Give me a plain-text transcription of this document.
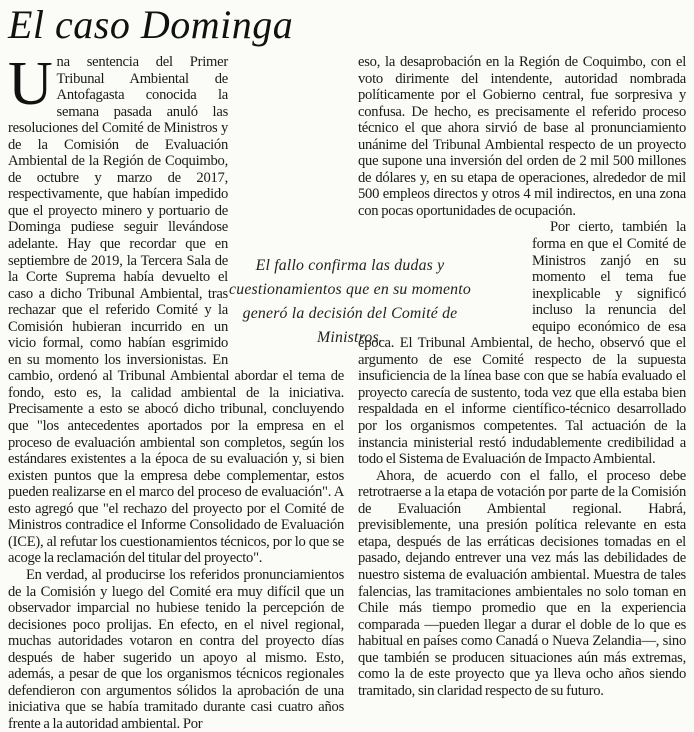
El caso Dominga

Una sentencia del Primer Tribunal Ambiental de Antofagasta conocida la semana pasada anuló las resoluciones del Comité de Ministros y de la Comisión de Evaluación Ambiental de la Región de Coquimbo, de octubre y marzo de 2017, respectivamente, que habían impedido que el proyecto minero y portuario de Dominga pudiese seguir llevándose adelante. Hay que recordar que en septiembre de 2019, la Tercera Sala de la Corte Suprema había devuelto el caso a dicho Tribunal Ambiental, tras rechazar que el referido Comité y la Comisión hubieran incurrido en un vicio formal, como habían esgrimido en su momento los inversionistas. En cambio, ordenó al Tribunal Ambiental abordar el tema de fondo, esto es, la calidad ambiental de la iniciativa. Precisamente a esto se abocó dicho tribunal, concluyendo que "los antecedentes aportados por la empresa en el proceso de evaluación ambiental son completos, según los estándares existentes a la época de su evaluación y, si bien existen puntos que la empresa debe complementar, estos pueden realizarse en el marco del proceso de evaluación". A esto agregó que "el rechazo del proyecto por el Comité de Ministros contradice el Informe Consolidado de Evaluación (ICE), al refutar los cuestionamientos técnicos, por lo que se acoge la reclamación del titular del proyecto".

En verdad, al producirse los referidos pronunciamientos de la Comisión y luego del Comité era muy difícil que un observador imparcial no hubiese tenido la percepción de decisiones poco prolijas. En efecto, en el nivel regional, muchas autoridades votaron en contra del proyecto días después de haber sugerido un apoyo al mismo. Esto, además, a pesar de que los organismos técnicos regionales defendieron con argumentos sólidos la aprobación de una iniciativa que se había tramitado durante casi cuatro años frente a la autoridad ambiental. Por

eso, la desaprobación en la Región de Coquimbo, con el voto dirimente del intendente, autoridad nombrada políticamente por el Gobierno central, fue sorpresiva y confusa. De hecho, es precisamente el referido proceso técnico el que ahora sirvió de base al pronunciamiento unánime del Tribunal Ambiental respecto de un proyecto que supone una inversión del orden de 2 mil 500 millones de dólares y, en su etapa de operaciones, alrededor de mil 500 empleos directos y otros 4 mil indirectos, en una zona con pocas oportunidades de ocupación.

Por cierto, también la forma en que el Comité de Ministros zanjó en su momento el tema fue inexplicable y significó incluso la renuncia del equipo económico de esa época. El Tribunal Ambiental, de hecho, observó que el argumento de ese Comité respecto de la supuesta insuficiencia de la línea base con que se había evaluado el proyecto carecía de sustento, toda vez que ella estaba bien respaldada en el informe científico-técnico desarrollado por los organismos competentes. Tal actuación de la instancia ministerial restó indudablemente credibilidad a todo el Sistema de Evaluación de Impacto Ambiental.

Ahora, de acuerdo con el fallo, el proceso debe retrotraerse a la etapa de votación por parte de la Comisión de Evaluación Ambiental regional. Habrá, previsiblemente, una presión política relevante en esta etapa, después de las erráticas decisiones tomadas en el pasado, dejando entrever una vez más las debilidades de nuestro sistema de evaluación ambiental. Muestra de tales falencias, las tramitaciones ambientales no solo toman en Chile más tiempo promedio que en la experiencia comparada —pueden llegar a durar el doble de lo que es habitual en países como Canadá o Nueva Zelandia—, sino que también se producen situaciones aún más extremas, como la de este proyecto que ya lleva ocho años siendo tramitado, sin claridad respecto de su futuro.

El fallo confirma las dudas y cuestionamientos que en su momento generó la decisión del Comité de Ministros.
